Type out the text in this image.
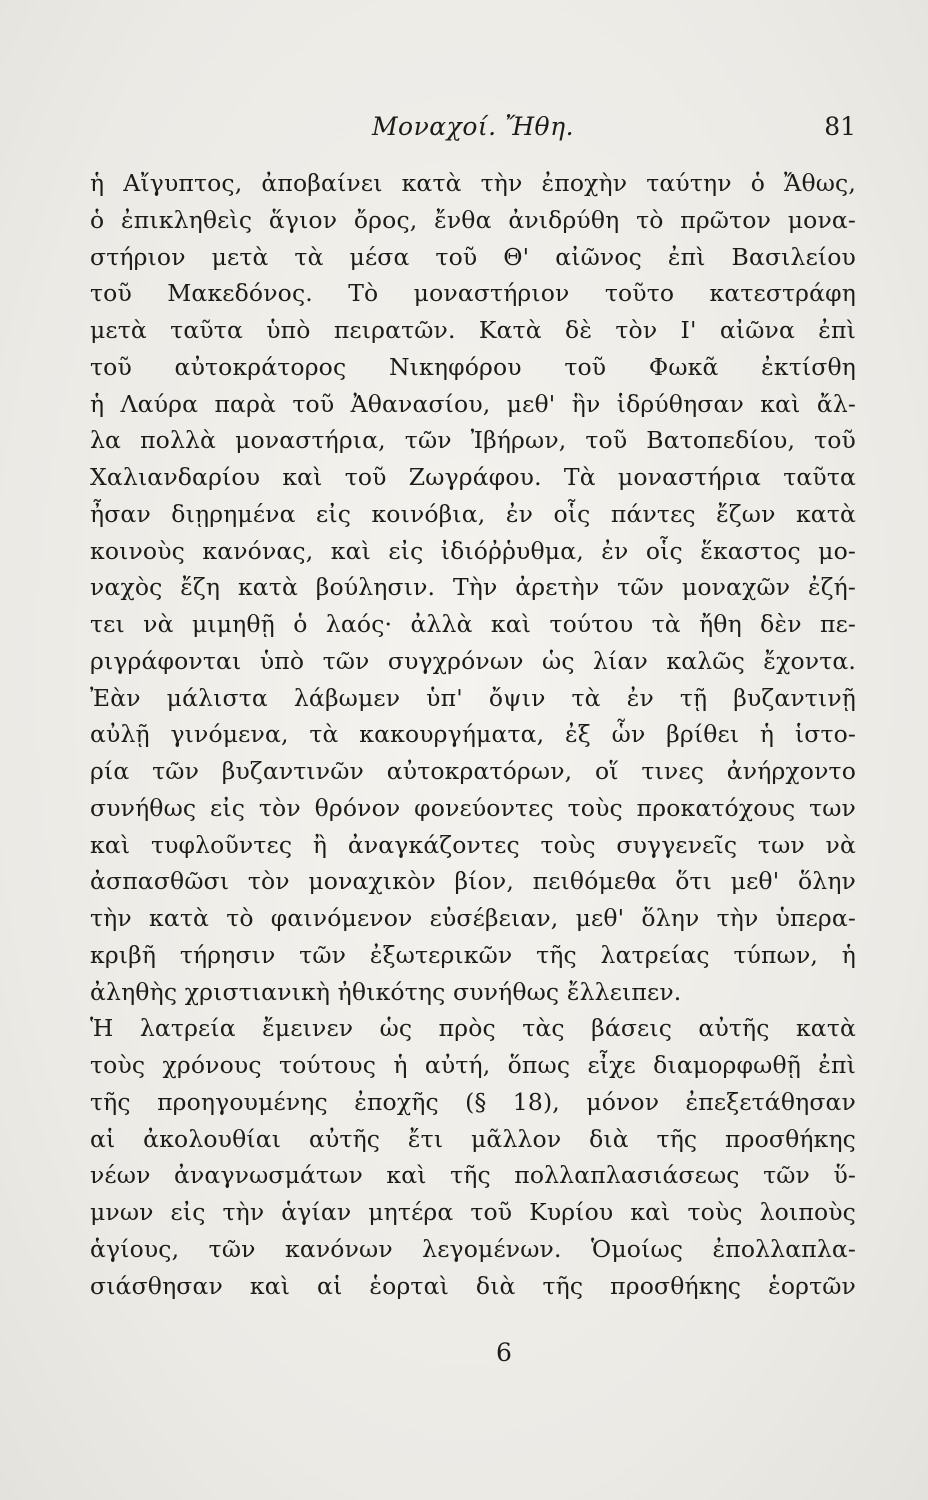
Μοναχοί. Ἤθη.	81
ἡ Αἴγυπτος, ἀποβαίνει κατὰ τὴν ἐποχὴν ταύτην ὁ Ἄθως,
ὁ ἐπικληθεὶς ἅγιον ὄρος, ἔνθα ἀνιδρύθη τὸ πρῶτον μονα-
στήριον μετὰ τὰ μέσα τοῦ Θ' αἰῶνος ἐπὶ Βασιλείου
τοῦ Μακεδόνος. Τὸ μοναστήριον τοῦτο κατεστράφη
μετὰ ταῦτα ὑπὸ πειρατῶν. Κατὰ δὲ τὸν Ι' αἰῶνα ἐπὶ
τοῦ αὐτοκράτορος Νικηφόρου τοῦ Φωκᾶ ἐκτίσθη
ἡ Λαύρα παρὰ τοῦ Ἀθανασίου, μεθ' ἣν ἱδρύθησαν καὶ ἄλ-
λα πολλὰ μοναστήρια, τῶν Ἰβήρων, τοῦ Βατοπεδίου, τοῦ
Χαλιανδαρίου καὶ τοῦ Ζωγράφου. Τὰ μοναστήρια ταῦτα
ἦσαν διῃρημένα εἰς κοινόβια, ἐν οἷς πάντες ἔζων κατὰ
κοινοὺς κανόνας, καὶ εἰς ἰδιόῤῥυθμα, ἐν οἷς ἕκαστος μο-
ναχὸς ἔζη κατὰ βούλησιν. Τὴν ἀρετὴν τῶν μοναχῶν ἐζή-
τει νὰ μιμηθῇ ὁ λαός· ἀλλὰ καὶ τούτου τὰ ἤθη δὲν πε-
ριγράφονται ὑπὸ τῶν συγχρόνων ὡς λίαν καλῶς ἔχοντα.
Ἐὰν μάλιστα λάβωμεν ὑπ' ὄψιν τὰ ἐν τῇ βυζαντινῇ
αὐλῇ γινόμενα, τὰ κακουργήματα, ἐξ ὧν βρίθει ἡ ἱστο-
ρία τῶν βυζαντινῶν αὐτοκρατόρων, οἵ τινες ἀνήρχοντο
συνήθως εἰς τὸν θρόνον φονεύοντες τοὺς προκατόχους των
καὶ τυφλοῦντες ἢ ἀναγκάζοντες τοὺς συγγενεῖς των νὰ
ἀσπασθῶσι τὸν μοναχικὸν βίον, πειθόμεθα ὅτι μεθ' ὅλην
τὴν κατὰ τὸ φαινόμενον εὐσέβειαν, μεθ' ὅλην τὴν ὑπερα-
κριβῆ τήρησιν τῶν ἐξωτερικῶν τῆς λατρείας τύπων, ἡ
ἀληθὴς χριστιανικὴ ἠθικότης συνήθως ἔλλειπεν.
Ἡ λατρεία ἔμεινεν ὡς πρὸς τὰς βάσεις αὐτῆς κατὰ
τοὺς χρόνους τούτους ἡ αὐτή, ὅπως εἶχε διαμορφωθῇ ἐπὶ
τῆς προηγουμένης ἐποχῆς (§ 18), μόνον ἐπεξετάθησαν
αἱ ἀκολουθίαι αὐτῆς ἔτι μᾶλλον διὰ τῆς προσθήκης
νέων ἀναγνωσμάτων καὶ τῆς πολλαπλασιάσεως τῶν ὕ-
μνων εἰς τὴν ἁγίαν μητέρα τοῦ Κυρίου καὶ τοὺς λοιποὺς
ἁγίους, τῶν κανόνων λεγομένων. Ὁμοίως ἐπολλαπλα-
σιάσθησαν καὶ αἱ ἑορταὶ διὰ τῆς προσθήκης ἑορτῶν
6
